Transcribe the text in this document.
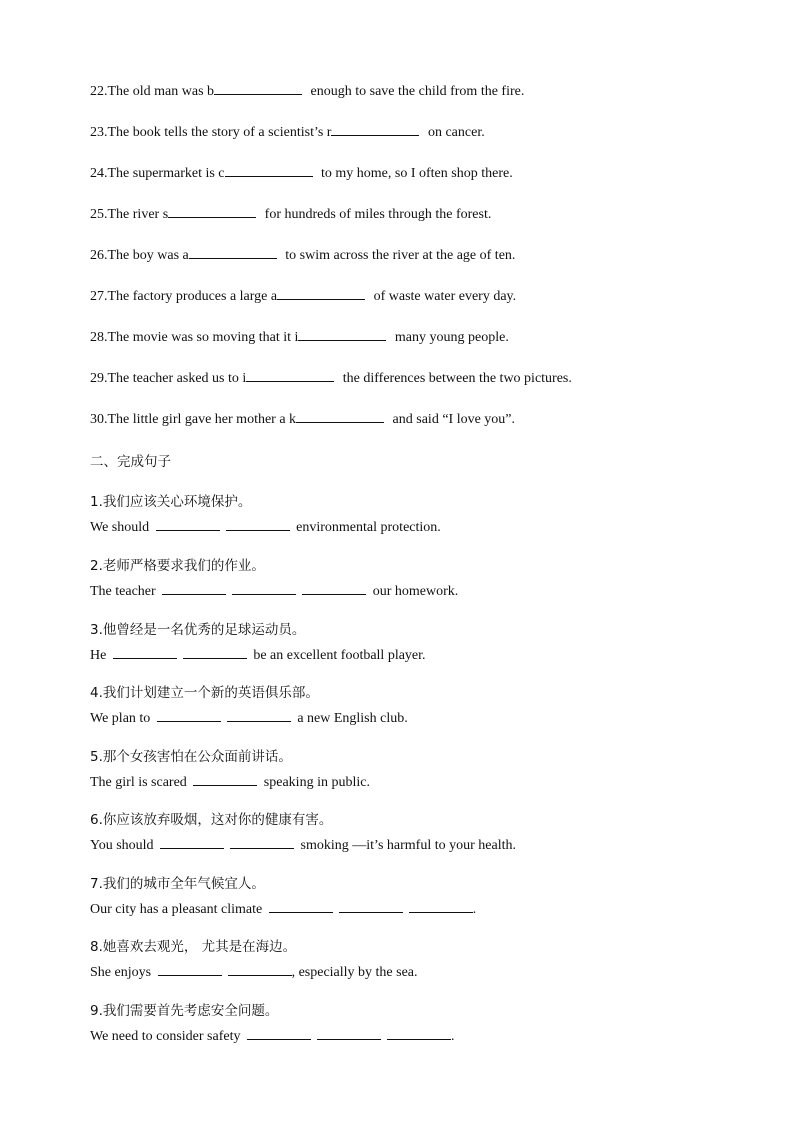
22.The old man was b	enough to save the child from the fire.
23.The book tells the story of a scientist’s r	on cancer.
24.The supermarket is c	to my home, so I often shop there.
25.The river s	for hundreds of miles through the forest.
26.The boy was a	to swim across the river at the age of ten.
27.The factory produces a large a	of waste water every day.
28.The movie was so moving that it i	many young people.
29.The teacher asked us to i	the differences between the two pictures.
30.The little girl gave her mother a k	and said “I love you”.
二、完成句子
1.我们应该关心环境保护。
We should	environmental protection.
2.老师严格要求我们的作业。
The teacher	our homework.
3.他曾经是一名优秀的足球运动员。
He	be an excellent football player.
4.我们计划建立一个新的英语俱乐部。
We plan to	a new English club.
5.那个女孩害怕在公众面前讲话。
The girl is scared	speaking in public.
6.你应该放弃吸烟，这对你的健康有害。
You should	smoking —it’s harmful to your health.
7.我们的城市全年气候宜人。
Our city has a pleasant climate	.
8.她喜欢去观光， 尤其是在海边。
She enjoys	, especially by the sea.
9.我们需要首先考虑安全问题。
We need to consider safety	.
